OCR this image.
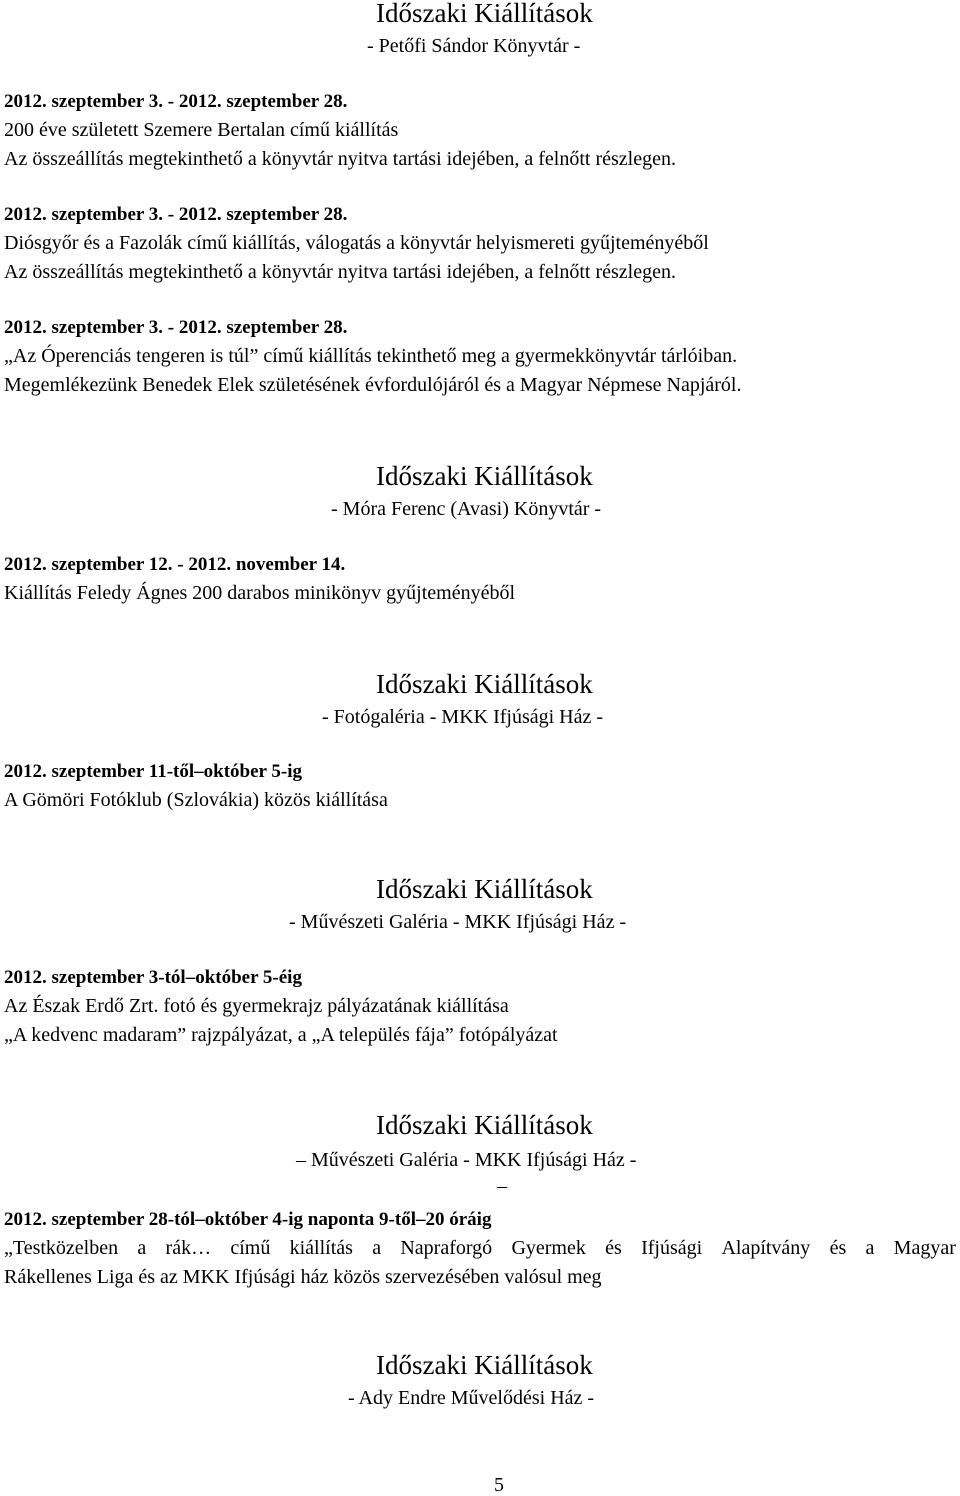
Időszaki Kiállítások
- Petőfi Sándor Könyvtár -
2012. szeptember 3. - 2012. szeptember 28.
200 éve született Szemere Bertalan című kiállítás
Az összeállítás megtekinthető a könyvtár nyitva tartási idejében, a felnőtt részlegen.
2012. szeptember 3. - 2012. szeptember 28.
Diósgyőr és a Fazolák című kiállítás, válogatás a könyvtár helyismereti gyűjteményéből
Az összeállítás megtekinthető a könyvtár nyitva tartási idejében, a felnőtt részlegen.
2012. szeptember 3. - 2012. szeptember 28.
„Az Óperenciás tengeren is túl” című kiállítás tekinthető meg a gyermekkönyvtár tárlóiban.
Megemlékezünk Benedek Elek születésének évfordulójáról és a Magyar Népmese Napjáról.
Időszaki Kiállítások
- Móra Ferenc (Avasi) Könyvtár -
2012. szeptember 12. - 2012. november 14.
Kiállítás Feledy Ágnes 200 darabos minikönyv gyűjteményéből
Időszaki Kiállítások
- Fotógaléria - MKK Ifjúsági Ház -
2012. szeptember 11-től–október 5-ig
A Gömöri Fotóklub (Szlovákia) közös kiállítása
Időszaki Kiállítások
- Művészeti Galéria - MKK Ifjúsági Ház -
2012. szeptember 3-tól–október 5-éig
Az Észak Erdő Zrt. fotó és gyermekrajz pályázatának kiállítása
„A kedvenc madaram” rajzpályázat, a „A település fája” fotópályázat
Időszaki Kiállítások
– Művészeti Galéria - MKK Ifjúsági Ház -
–
2012. szeptember 28-tól–október 4-ig naponta 9-től–20 óráig
„Testközelben a rák… című kiállítás a Napraforgó Gyermek és Ifjúsági Alapítvány és a Magyar
Rákellenes Liga és az MKK Ifjúsági ház közös szervezésében valósul meg
Időszaki Kiállítások
- Ady Endre Művelődési Ház -
5
